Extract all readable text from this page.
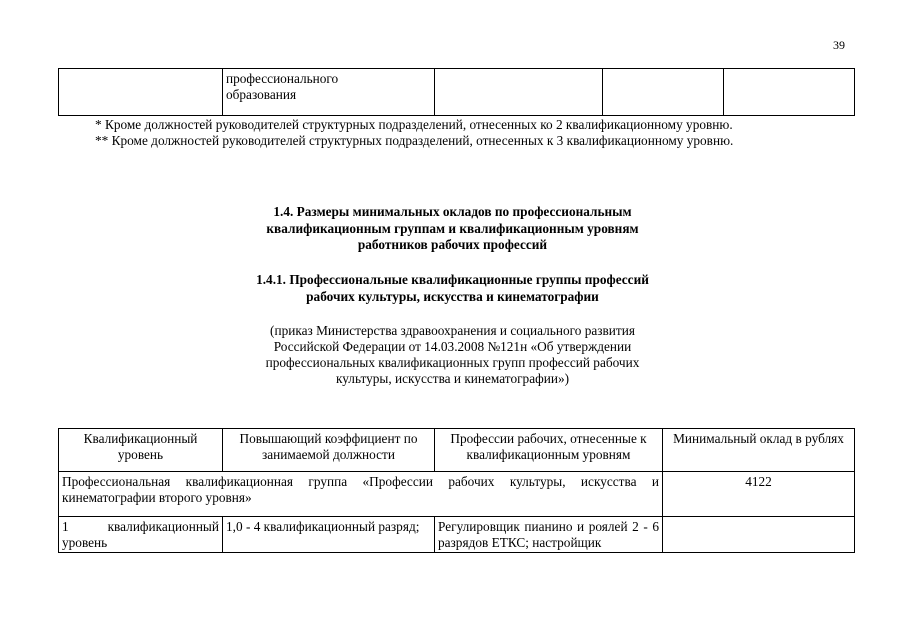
39
	профессионального
образования			
* Кроме должностей руководителей структурных подразделений, отнесенных ко 2 квалификационному уровню.
** Кроме должностей руководителей структурных подразделений, отнесенных к 3 квалификационному уровню.
1.4. Размеры минимальных окладов по профессиональным
квалификационным группам и квалификационным уровням
работников рабочих профессий
1.4.1. Профессиональные квалификационные группы профессий
рабочих культуры, искусства и кинематографии
(приказ Министерства здравоохранения и социального развития
Российской Федерации от 14.03.2008 №121н «Об утверждении
профессиональных квалификационных групп профессий рабочих
культуры, искусства и кинематографии»)
Квалификационный уровень	Повышающий коэффициент по занимаемой должности	Профессии рабочих, отнесенные к квалификационным уровням	Минимальный оклад в рублях
Профессиональная квалификационная группа «Профессии рабочих культуры, искусства и кинематографии второго уровня»			4122
1 квалификационный уровень	1,0 - 4 квалификационный разряд;	Регулировщик пианино и роялей 2 - 6 разрядов ЕТКС; настройщик	
